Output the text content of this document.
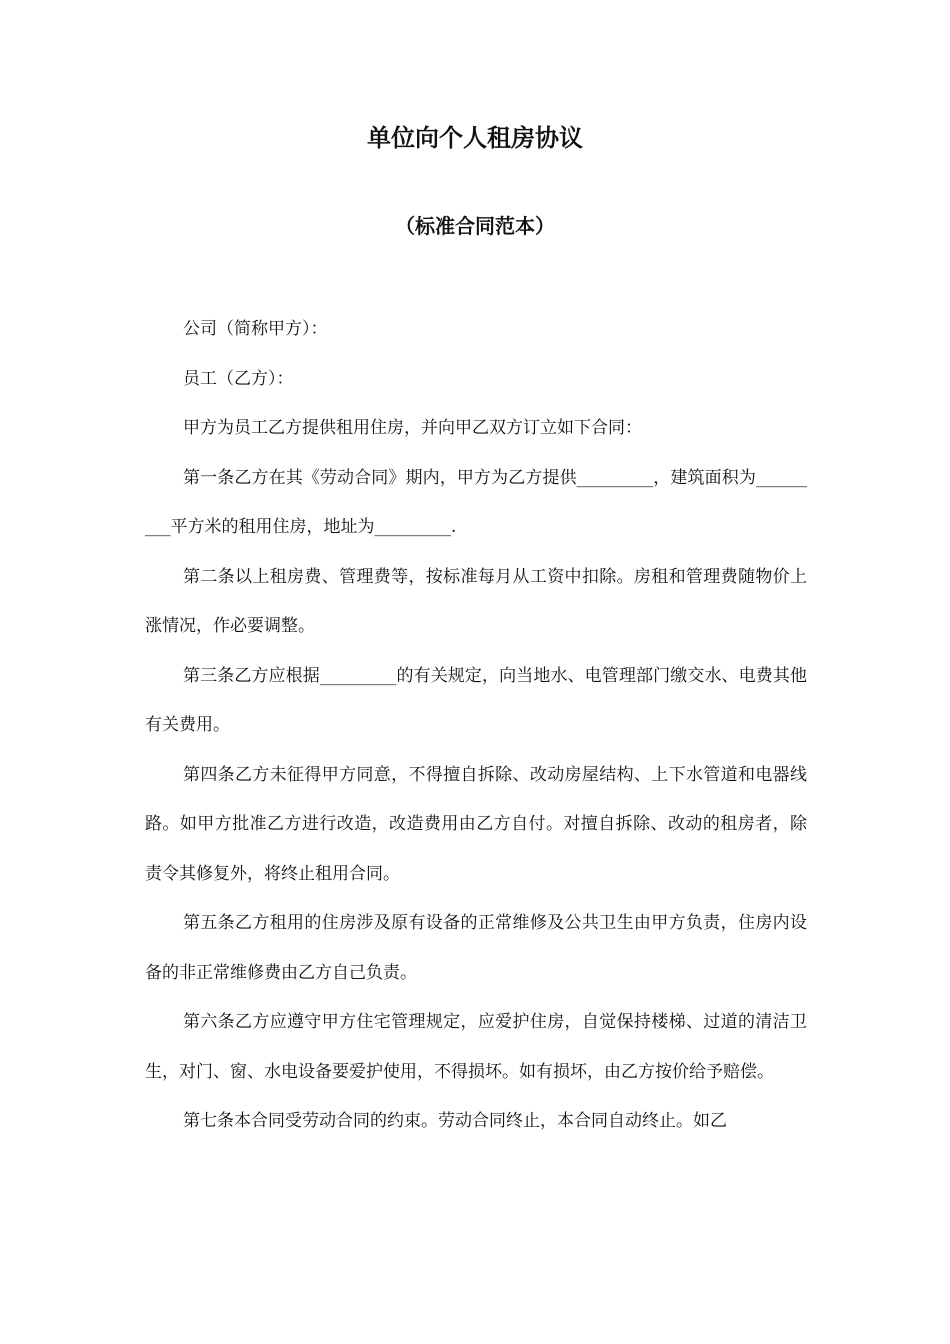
单位向个人租房协议
（标准合同范本）

公司（简称甲方）：

员工（乙方）：

甲方为员工乙方提供租用住房，并向甲乙双方订立如下合同：

第一条乙方在其《劳动合同》期内，甲方为乙方提供_________，建筑面积为_________平方米的租用住房，地址为_________.

第二条以上租房费、管理费等，按标准每月从工资中扣除。房租和管理费随物价上涨情况，作必要调整。

第三条乙方应根据_________的有关规定，向当地水、电管理部门缴交水、电费其他有关费用。

第四条乙方未征得甲方同意，不得擅自拆除、改动房屋结构、上下水管道和电器线路。如甲方批准乙方进行改造，改造费用由乙方自付。对擅自拆除、改动的租房者，除责令其修复外，将终止租用合同。

第五条乙方租用的住房涉及原有设备的正常维修及公共卫生由甲方负责，住房内设备的非正常维修费由乙方自己负责。

第六条乙方应遵守甲方住宅管理规定，应爱护住房，自觉保持楼梯、过道的清洁卫生，对门、窗、水电设备要爱护使用，不得损坏。如有损坏，由乙方按价给予赔偿。

第七条本合同受劳动合同的约束。劳动合同终止，本合同自动终止。如乙
